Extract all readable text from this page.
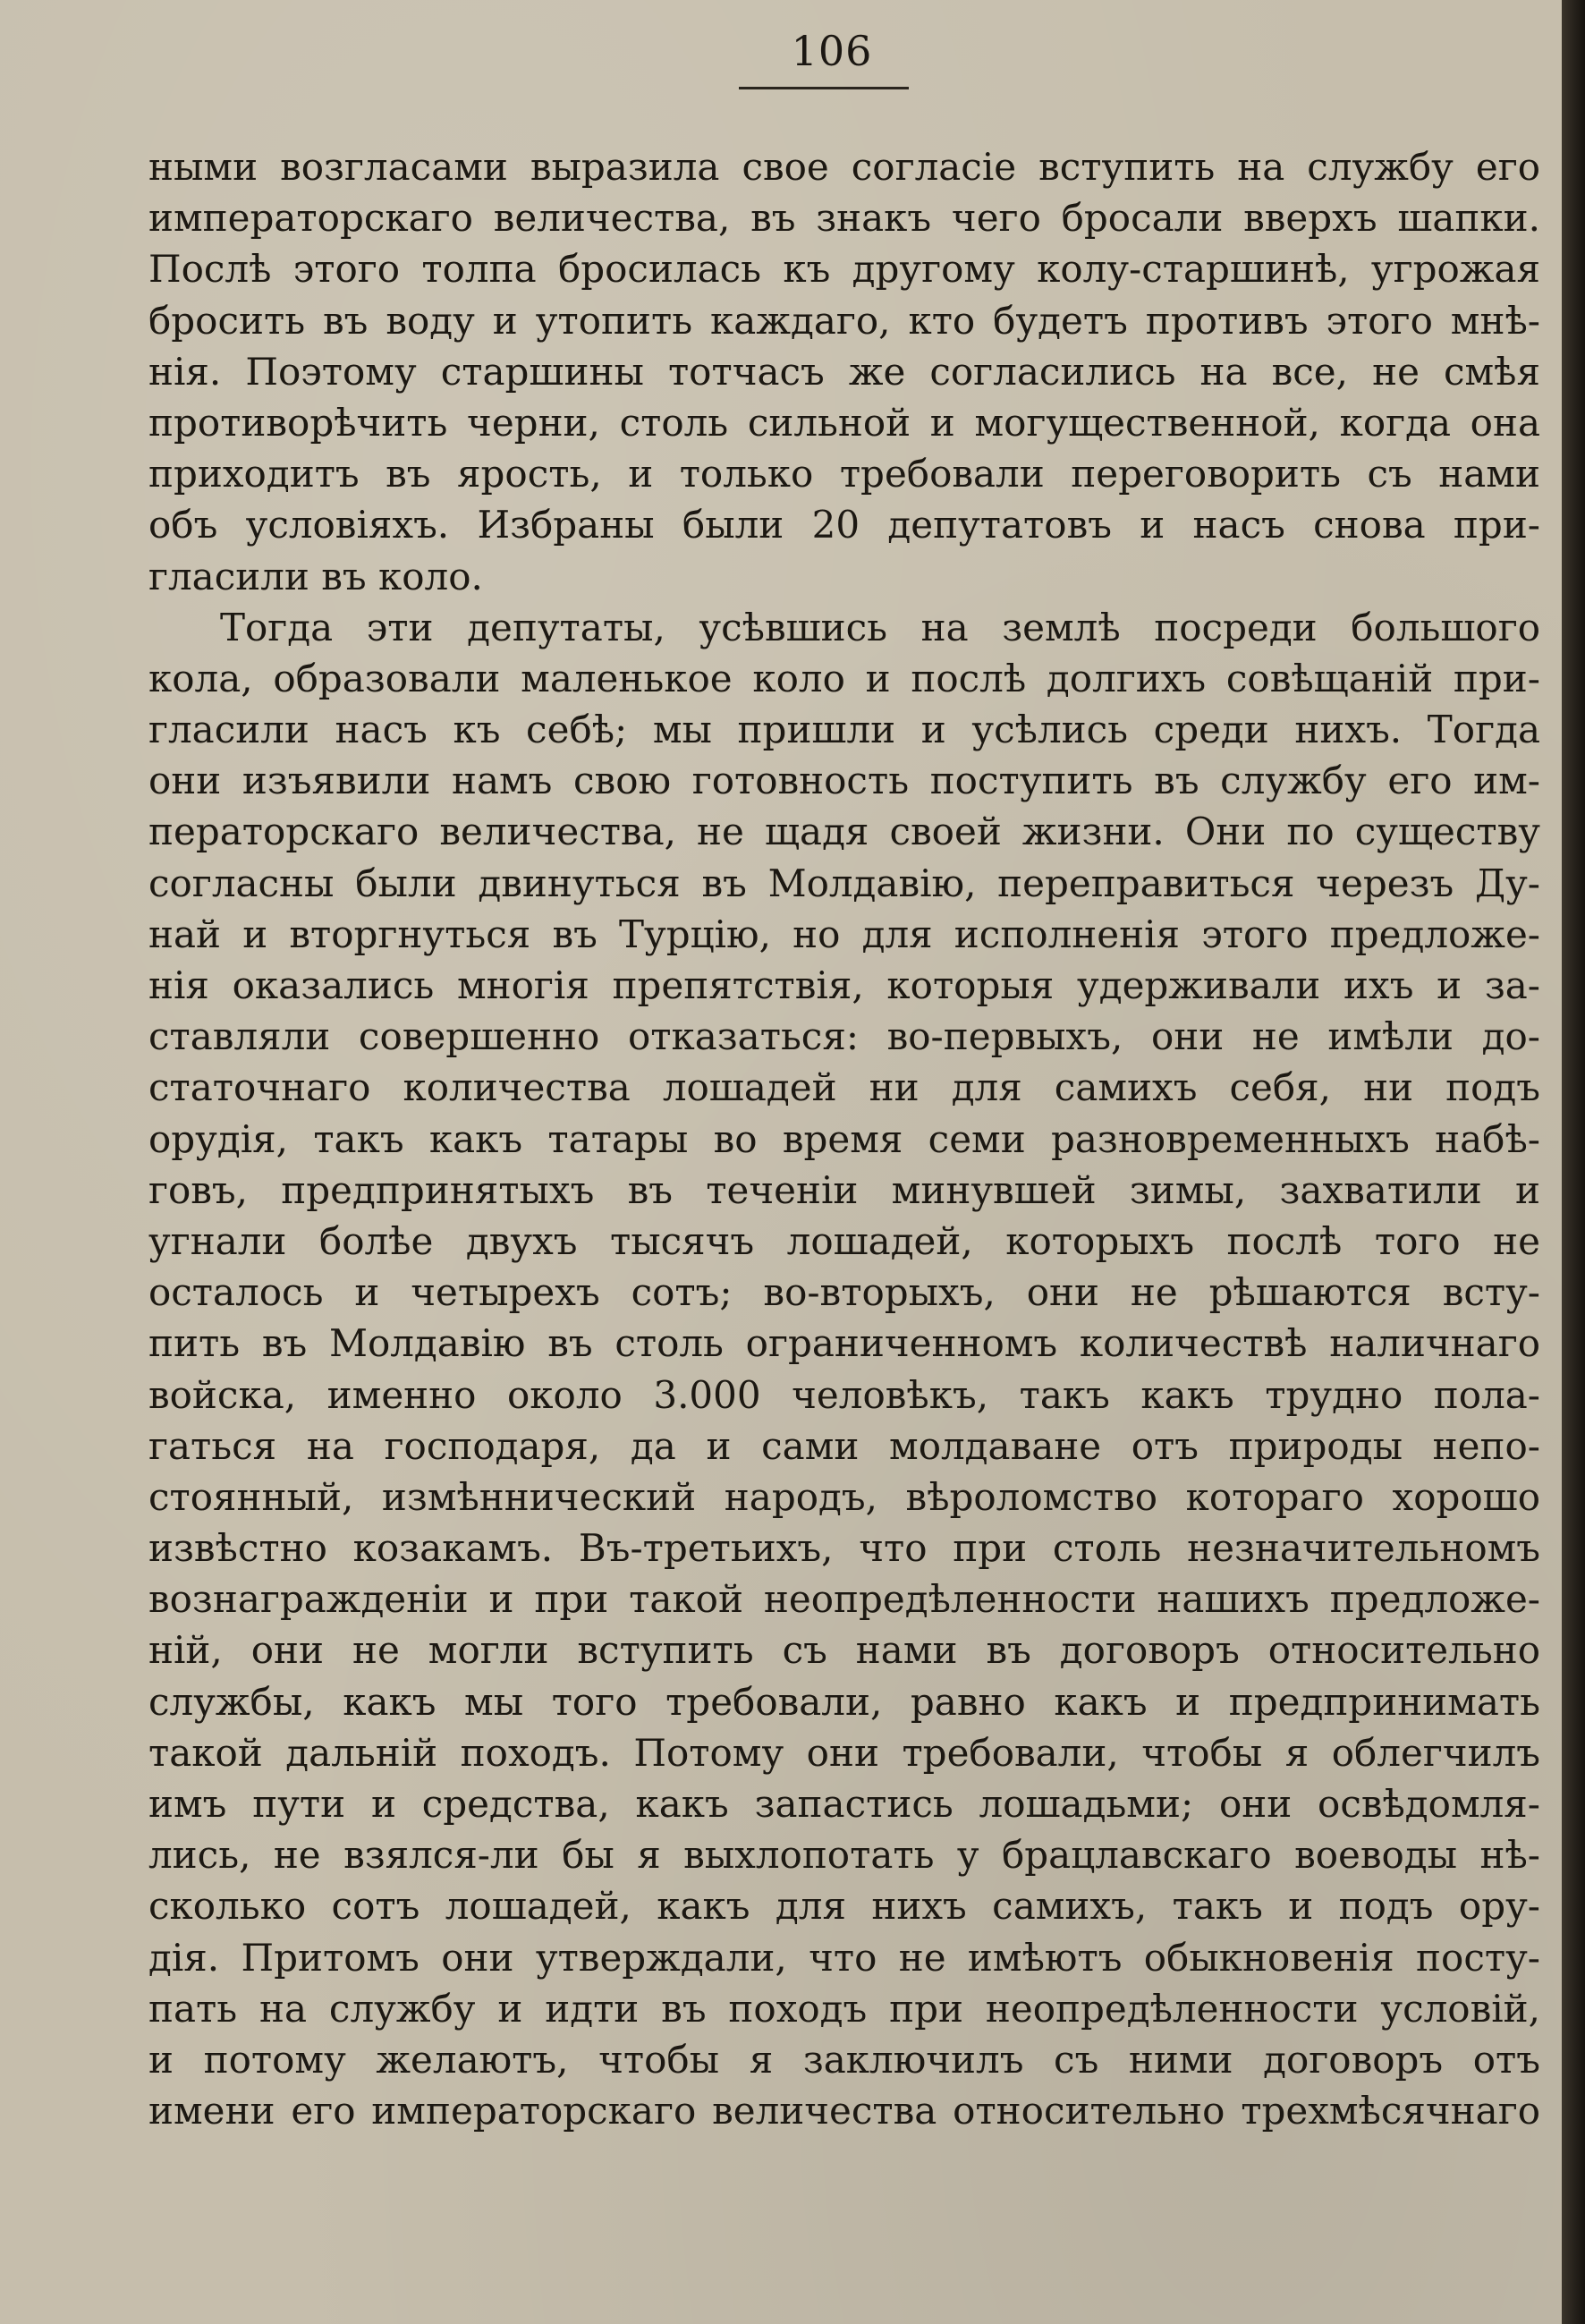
106
ными возгласами выразила свое согласіе вступить на службу его
императорскаго величества, въ знакъ чего бросали вверхъ шапки.
Послѣ этого толпа бросилась къ другому колу-старшинѣ, угрожая
бросить въ воду и утопить каждаго, кто будетъ противъ этого мнѣ-
нія. Поэтому старшины тотчасъ же согласились на все, не смѣя
противорѣчить черни, столь сильной и могущественной, когда она
приходитъ въ ярость, и только требовали переговорить съ нами
объ условіяхъ. Избраны были 20 депутатовъ и насъ снова при-
гласили въ коло.
Тогда эти депутаты, усѣвшись на землѣ посреди большого
кола, образовали маленькое коло и послѣ долгихъ совѣщаній при-
гласили насъ къ себѣ; мы пришли и усѣлись среди нихъ. Тогда
они изъявили намъ свою готовность поступить въ службу его им-
ператорскаго величества, не щадя своей жизни. Они по существу
согласны были двинуться въ Молдавію, переправиться черезъ Ду-
най и вторгнуться въ Турцію, но для исполненія этого предложе-
нія оказались многія препятствія, которыя удерживали ихъ и за-
ставляли совершенно отказаться: во-первыхъ, они не имѣли до-
статочнаго количества лошадей ни для самихъ себя, ни подъ
орудія, такъ какъ татары во время семи разновременныхъ набѣ-
говъ, предпринятыхъ въ теченіи минувшей зимы, захватили и
угнали болѣе двухъ тысячъ лошадей, которыхъ послѣ того не
осталось и четырехъ сотъ; во-вторыхъ, они не рѣшаются всту-
пить въ Молдавію въ столь ограниченномъ количествѣ наличнаго
войска, именно около 3.000 человѣкъ, такъ какъ трудно пола-
гаться на господаря, да и сами молдаване отъ природы непо-
стоянный, измѣннический народъ, вѣроломство котораго хорошо
извѣстно козакамъ. Въ-третьихъ, что при столь незначительномъ
вознагражденіи и при такой неопредѣленности нашихъ предложе-
ній, они не могли вступить съ нами въ договоръ относительно
службы, какъ мы того требовали, равно какъ и предпринимать
такой дальній походъ. Потому они требовали, чтобы я облегчилъ
имъ пути и средства, какъ запастись лошадьми; они освѣдомля-
лись, не взялся-ли бы я выхлопотать у брацлавскаго воеводы нѣ-
сколько сотъ лошадей, какъ для нихъ самихъ, такъ и подъ ору-
дія. Притомъ они утверждали, что не имѣютъ обыкновенія посту-
пать на службу и идти въ походъ при неопредѣленности условій,
и потому желаютъ, чтобы я заключилъ съ ними договоръ отъ
имени его императорскаго величества относительно трехмѣсячнаго
